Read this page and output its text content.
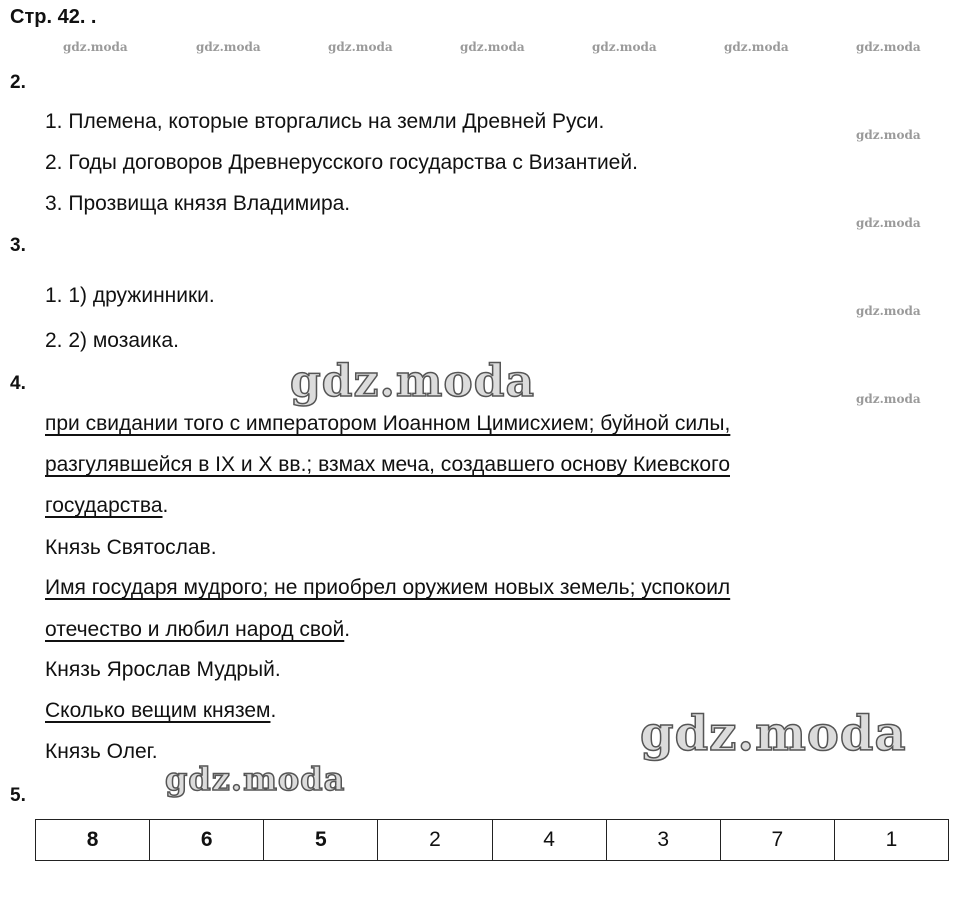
Стр. 42. .
gdz.moda	gdz.moda	gdz.moda	gdz.moda	gdz.moda	gdz.moda	gdz.moda
gdz.moda
gdz.moda
gdz.moda
gdz.moda
2.
1. Племена, которые вторгались на земли Древней Руси.
2. Годы договоров Древнерусского государства с Византией.
3. Прозвища князя Владимира.
3.
1. 1) дружинники.
2. 2) мозаика.
4.	gdz.moda
при свидании того с императором Иоанном Цимисхием; буйной силы,
разгулявшейся в IX и X вв.; взмах меча, создавшего основу Киевского
государства.
Князь Святослав.
Имя государя мудрого; не приобрел оружием новых земель; успокоил
отечество и любил народ свой.
Князь Ярослав Мудрый.
Сколько вещим князем.
Князь Олег.	gdz.moda
gdz.moda
5.
8	6	5	2	4	3	7	1
